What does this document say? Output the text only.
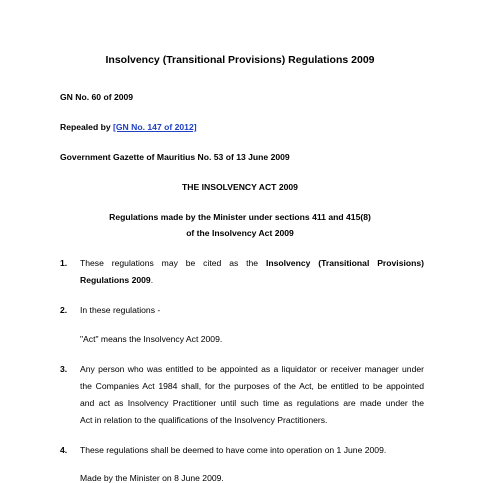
Insolvency (Transitional Provisions) Regulations 2009

GN No. 60 of 2009

Repealed by [GN No. 147 of 2012]

Government Gazette of Mauritius No. 53 of 13 June 2009

THE INSOLVENCY ACT 2009

Regulations made by the Minister under sections 411 and 415(8)

of the Insolvency Act 2009

1. These regulations may be cited as the Insolvency (Transitional Provisions)
Regulations 2009.

2. In these regulations -
"Act" means the Insolvency Act 2009.

3. Any person who was entitled to be appointed as a liquidator or receiver manager under
the Companies Act 1984 shall, for the purposes of the Act, be entitled to be appointed
and act as Insolvency Practitioner until such time as regulations are made under the
Act in relation to the qualifications of the Insolvency Practitioners.

4. These regulations shall be deemed to have come into operation on 1 June 2009.
Made by the Minister on 8 June 2009.
